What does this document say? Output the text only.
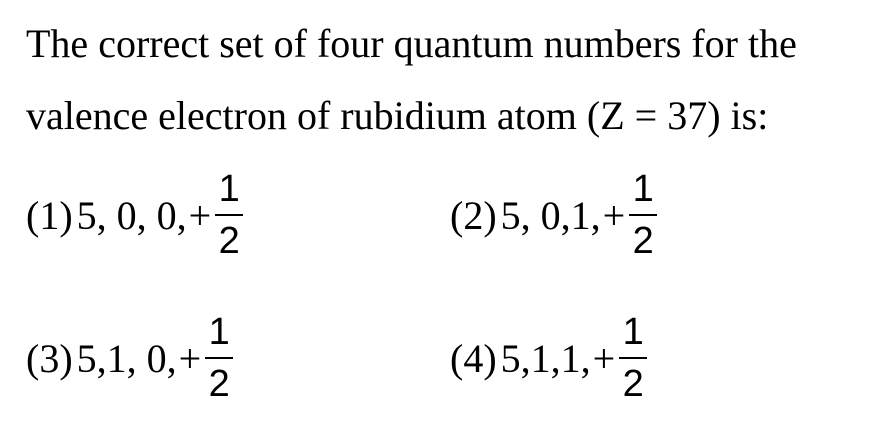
The correct set of four quantum numbers for the
valence electron of rubidium atom (Z = 37) is:
(1) 5, 0, 0, + $\frac{1}{2}$	(2) 5, 0,1, + $\frac{1}{2}$
(3) 5,1, 0, + $\frac{1}{2}$	(4) 5,1,1, + $\frac{1}{2}$
